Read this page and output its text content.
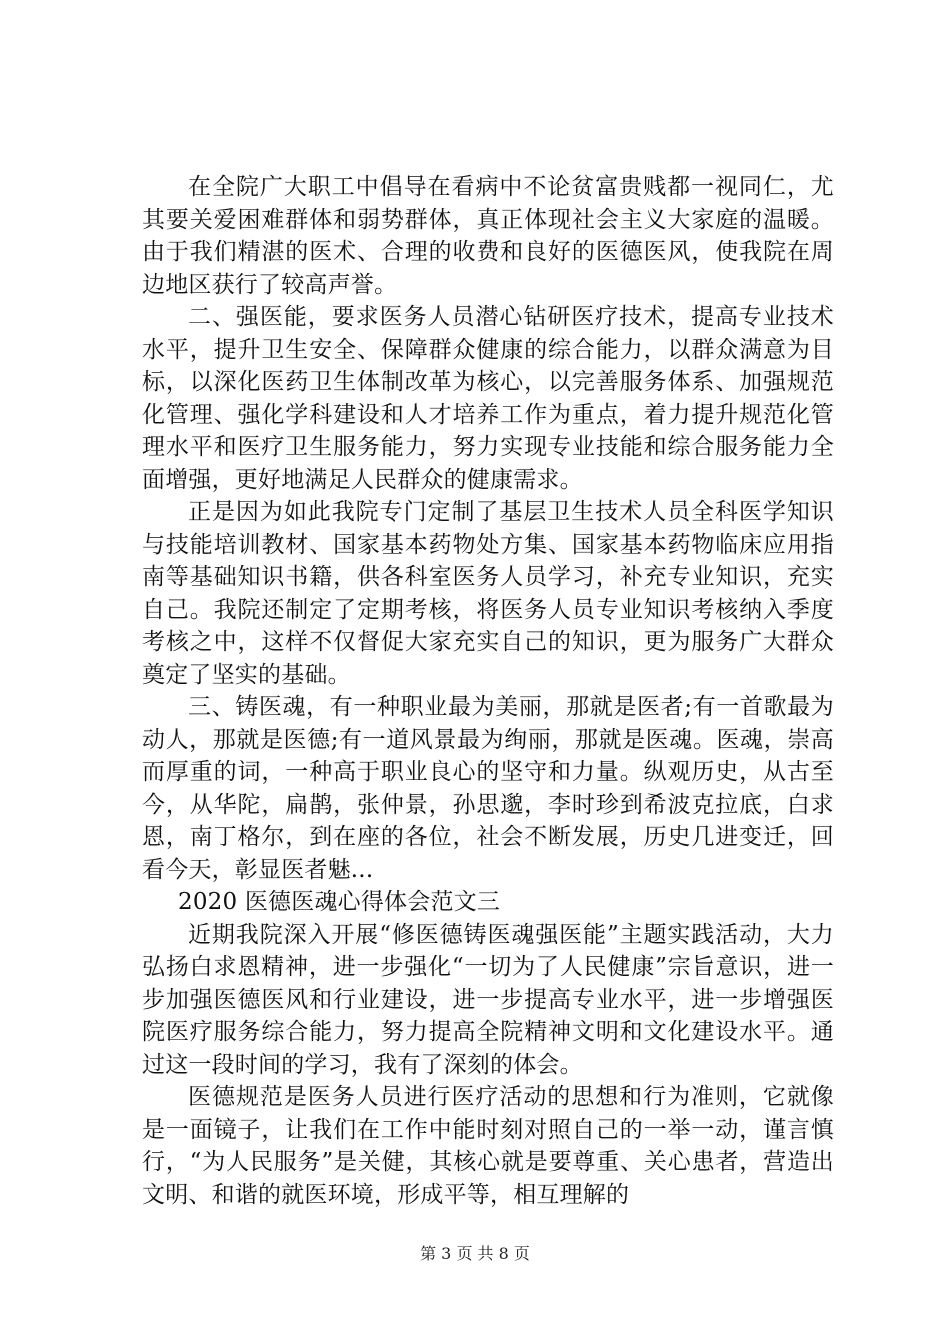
在全院广大职工中倡导在看病中不论贫富贵贱都一视同仁，尤其要关爱困难群体和弱势群体，真正体现社会主义大家庭的温暖。由于我们精湛的医术、合理的收费和良好的医德医风，使我院在周边地区获行了较高声誉。

二、强医能，要求医务人员潜心钻研医疗技术，提高专业技术水平，提升卫生安全、保障群众健康的综合能力，以群众满意为目标，以深化医药卫生体制改革为核心，以完善服务体系、加强规范化管理、强化学科建设和人才培养工作为重点，着力提升规范化管理水平和医疗卫生服务能力，努力实现专业技能和综合服务能力全面增强，更好地满足人民群众的健康需求。

正是因为如此我院专门定制了基层卫生技术人员全科医学知识与技能培训教材、国家基本药物处方集、国家基本药物临床应用指南等基础知识书籍，供各科室医务人员学习，补充专业知识，充实自己。我院还制定了定期考核，将医务人员专业知识考核纳入季度考核之中，这样不仅督促大家充实自己的知识，更为服务广大群众奠定了坚实的基础。

三、铸医魂，有一种职业最为美丽，那就是医者;有一首歌最为动人，那就是医德;有一道风景最为绚丽，那就是医魂。医魂，崇高而厚重的词，一种高于职业良心的坚守和力量。纵观历史，从古至今，从华陀，扁鹊，张仲景，孙思邈，李时珍到希波克拉底，白求恩，南丁格尔，到在座的各位，社会不断发展，历史几进变迁，回看今天，彰显医者魅...

2020 医德医魂心得体会范文三

近期我院深入开展“修医德铸医魂强医能”主题实践活动，大力弘扬白求恩精神，进一步强化“一切为了人民健康”宗旨意识，进一步加强医德医风和行业建设，进一步提高专业水平，进一步增强医院医疗服务综合能力，努力提高全院精神文明和文化建设水平。通过这一段时间的学习，我有了深刻的体会。

医德规范是医务人员进行医疗活动的思想和行为准则，它就像是一面镜子，让我们在工作中能时刻对照自己的一举一动，谨言慎行，“为人民服务”是关健，其核心就是要尊重、关心患者，营造出文明、和谐的就医环境，形成平等，相互理解的

第 3 页 共 8 页
